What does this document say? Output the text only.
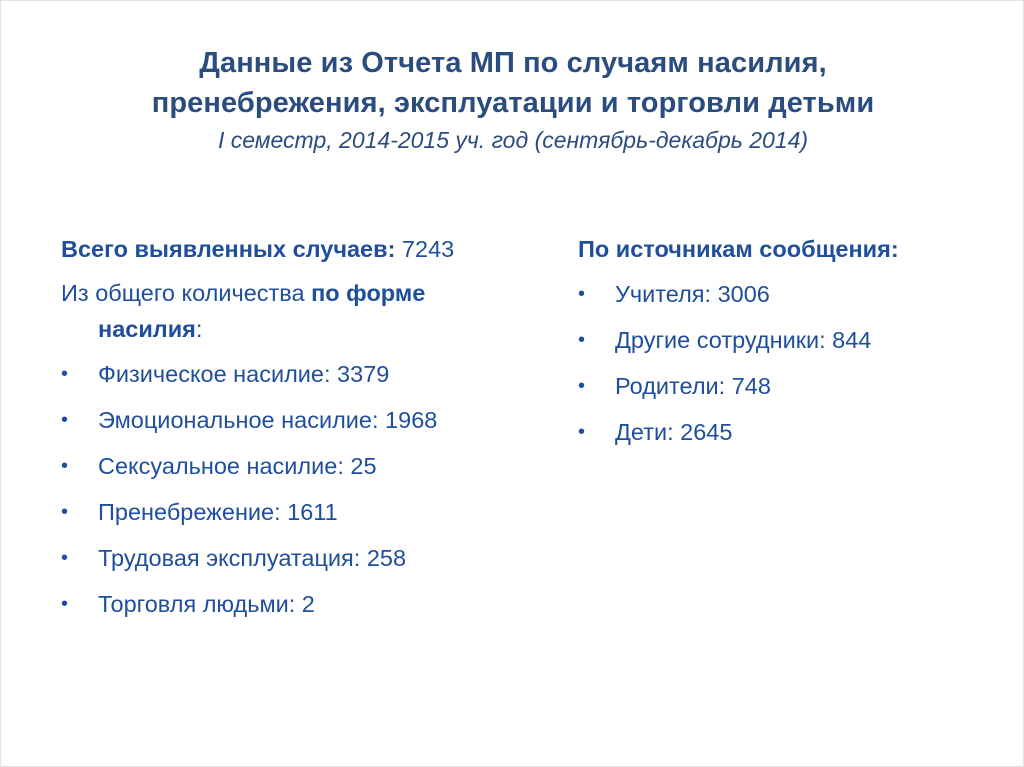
Данные из Отчета МП по случаям насилия,
пренебрежения, эксплуатации и торговли детьми
I семестр, 2014-2015 уч. год (сентябрь-декабрь 2014)
Всего выявленных случаев: 7243
Из общего количества по форме
насилия:
•	Физическое насилие: 3379
•	Эмоциональное насилие: 1968
•	Сексуальное насилие: 25
•	Пренебрежение: 1611
•	Трудовая эксплуатация: 258
•	Торговля людьми: 2
По источникам сообщения:
•	Учителя: 3006
•	Другие сотрудники: 844
•	Родители: 748
•	Дети: 2645
